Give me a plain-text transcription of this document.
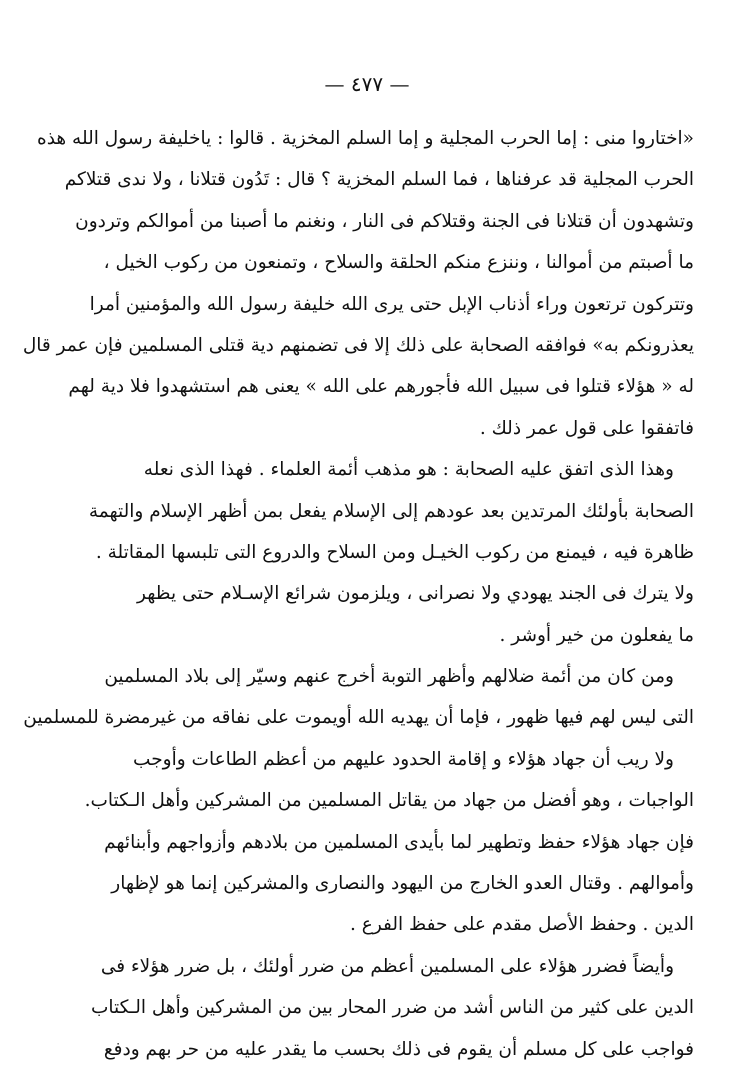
— ٤٧٧ —
«اختاروا منى : إما الحرب المجلية و إما السلم المخزية . قالوا : ياخليفة رسول الله هذه
الحرب المجلية قد عرفناها ، فما السلم المخزية ؟ قال : تَدُون قتلانا ، ولا ندى قتلاكم
وتشهدون أن قتلانا فى الجنة وقتلاكم فى النار ، ونغنم ما أصبنا من أموالكم وتردون
ما أصبتم من أموالنا ، وننزع منكم الحلقة والسلاح ، وتمنعون من ركوب الخيل ،
وتتركون ترتعون وراء أذناب الإبل حتى يرى الله خليفة رسول الله والمؤمنين أمرا
يعذرونكم به» فوافقه الصحابة على ذلك إلا فى تضمنهم دية قتلى المسلمين فإن عمر قال
له « هؤلاء قتلوا فى سبيل الله فأجورهم على الله » يعنى هم استشهدوا فلا دية لهم
فاتفقوا على قول عمر ذلك .
وهذا الذى اتفق عليه الصحابة : هو مذهب أئمة العلماء . فهذا الذى نعله
الصحابة بأولئك المرتدين بعد عودهم إلى الإسلام يفعل بمن أظهر الإسلام والتهمة
ظاهرة فيه ، فيمنع من ركوب الخيـل ومن السلاح والدروع التى تلبسها المقاتلة .
ولا يترك فى الجند يهودي ولا نصرانى ، ويلزمون شرائع الإسـلام حتى يظهر
ما يفعلون من خير أوشر .
ومن كان من أئمة ضلالهم وأظهر التوبة أخرج عنهم وسيّر إلى بلاد المسلمين
التى ليس لهم فيها ظهور ، فإما أن يهديه الله أويموت على نفاقه من غيرمضرة للمسلمين
ولا ريب أن جهاد هؤلاء و إقامة الحدود عليهم من أعظم الطاعات وأوجب
الواجبات ، وهو أفضل من جهاد من يقاتل المسلمين من المشركين وأهل الـكتاب.
فإن جهاد هؤلاء حفظ وتطهير لما بأيدى المسلمين من بلادهم وأزواجهم وأبنائهم
وأموالهم . وقتال العدو الخارج من اليهود والنصارى والمشركين إنما هو لإظهار
الدين . وحفظ الأصل مقدم على حفظ الفرع .
وأيضاً فضرر هؤلاء على المسلمين أعظم من ضرر أولئك ، بل ضرر هؤلاء فى
الدين على كثير من الناس أشد من ضرر المحار بين من المشركين وأهل الـكتاب
فواجب على كل مسلم أن يقوم فى ذلك بحسب ما يقدر عليه من حر بهم ودفع
